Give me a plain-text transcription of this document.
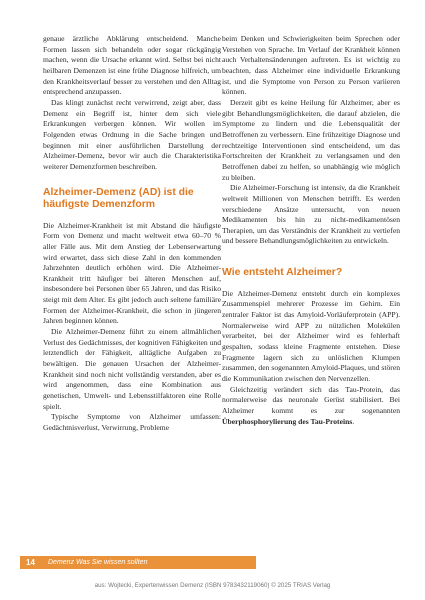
genaue ärztliche Abklärung entscheidend. Manche Formen lassen sich behandeln oder sogar rückgängig machen, wenn die Ursache erkannt wird. Selbst bei nicht heilbaren Demenzen ist eine frühe Diagnose hilfreich, um den Krankheitsverlauf besser zu verstehen und den Alltag entsprechend anzupassen.

Das klingt zunächst recht verwirrend, zeigt aber, dass Demenz ein Begriff ist, hinter dem sich viele Erkrankungen verbergen können. Wir wollen im Folgenden etwas Ordnung in die Sache bringen und beginnen mit einer ausführlichen Darstellung der Alzheimer-Demenz, bevor wir auch die Charakteristika weiterer Demenzformen beschreiben.

Alzheimer-Demenz (AD) ist die häufigste Demenzform

Die Alzheimer-Krankheit ist mit Abstand die häufigste Form von Demenz und macht weltweit etwa 60–70 % aller Fälle aus. Mit dem Anstieg der Lebenserwartung wird erwartet, dass sich diese Zahl in den kommenden Jahrzehnten deutlich erhöhen wird. Die Alzheimer-Krankheit tritt häufiger bei älteren Menschen auf, insbesondere bei Personen über 65 Jahren, und das Risiko steigt mit dem Alter. Es gibt jedoch auch seltene familiäre Formen der Alzheimer-Krankheit, die schon in jüngeren Jahren beginnen können.

Die Alzheimer-Demenz führt zu einem allmählichen Verlust des Gedächtnisses, der kognitiven Fähigkeiten und letztendlich der Fähigkeit, alltägliche Aufgaben zu bewältigen. Die genauen Ursachen der Alzheimer-Krankheit sind noch nicht vollständig verstanden, aber es wird angenommen, dass eine Kombination aus genetischen, Umwelt- und Lebensstilfaktoren eine Rolle spielt.

Typische Symptome von Alzheimer umfassen: Gedächtnisverlust, Verwirrung, Probleme

beim Denken und Schwierigkeiten beim Sprechen oder Verstehen von Sprache. Im Verlauf der Krankheit können auch Verhaltensänderungen auftreten. Es ist wichtig zu beachten, dass Alzheimer eine individuelle Erkrankung ist, und die Symptome von Person zu Person variieren können.

Derzeit gibt es keine Heilung für Alzheimer, aber es gibt Behandlungsmöglichkeiten, die darauf abzielen, die Symptome zu lindern und die Lebensqualität der Betroffenen zu verbessern. Eine frühzeitige Diagnose und rechtzeitige Interventionen sind entscheidend, um das Fortschreiten der Krankheit zu verlangsamen und den Betroffenen dabei zu helfen, so unabhängig wie möglich zu bleiben.

Die Alzheimer-Forschung ist intensiv, da die Krankheit weltweit Millionen von Menschen betrifft. Es werden verschiedene Ansätze untersucht, von neuen Medikamenten bis hin zu nicht-medikamentösen Therapien, um das Verständnis der Krankheit zu vertiefen und bessere Behandlungsmöglichkeiten zu entwickeln.

Wie entsteht Alzheimer?

Die Alzheimer-Demenz entsteht durch ein komplexes Zusammenspiel mehrerer Prozesse im Gehirn. Ein zentraler Faktor ist das Amyloid-Vorläuferprotein (APP). Normalerweise wird APP zu nützlichen Molekülen verarbeitet, bei der Alzheimer wird es fehlerhaft gespalten, sodass kleine Fragmente entstehen. Diese Fragmente lagern sich zu unlöslichen Klumpen zusammen, den sogenannten Amyloid-Plaques, und stören die Kommunikation zwischen den Nervenzellen.

Gleichzeitig verändert sich das Tau-Protein, das normalerweise das neuronale Gerüst stabilisiert. Bei Alzheimer kommt es zur sogenannten Überphosphorylierung des Tau-Proteins.

14 Demenz Was Sie wissen sollten
aus: Wojtecki, Expertenwissen Demenz (ISBN 9783432119060) © 2025 TRIAS Verlag
